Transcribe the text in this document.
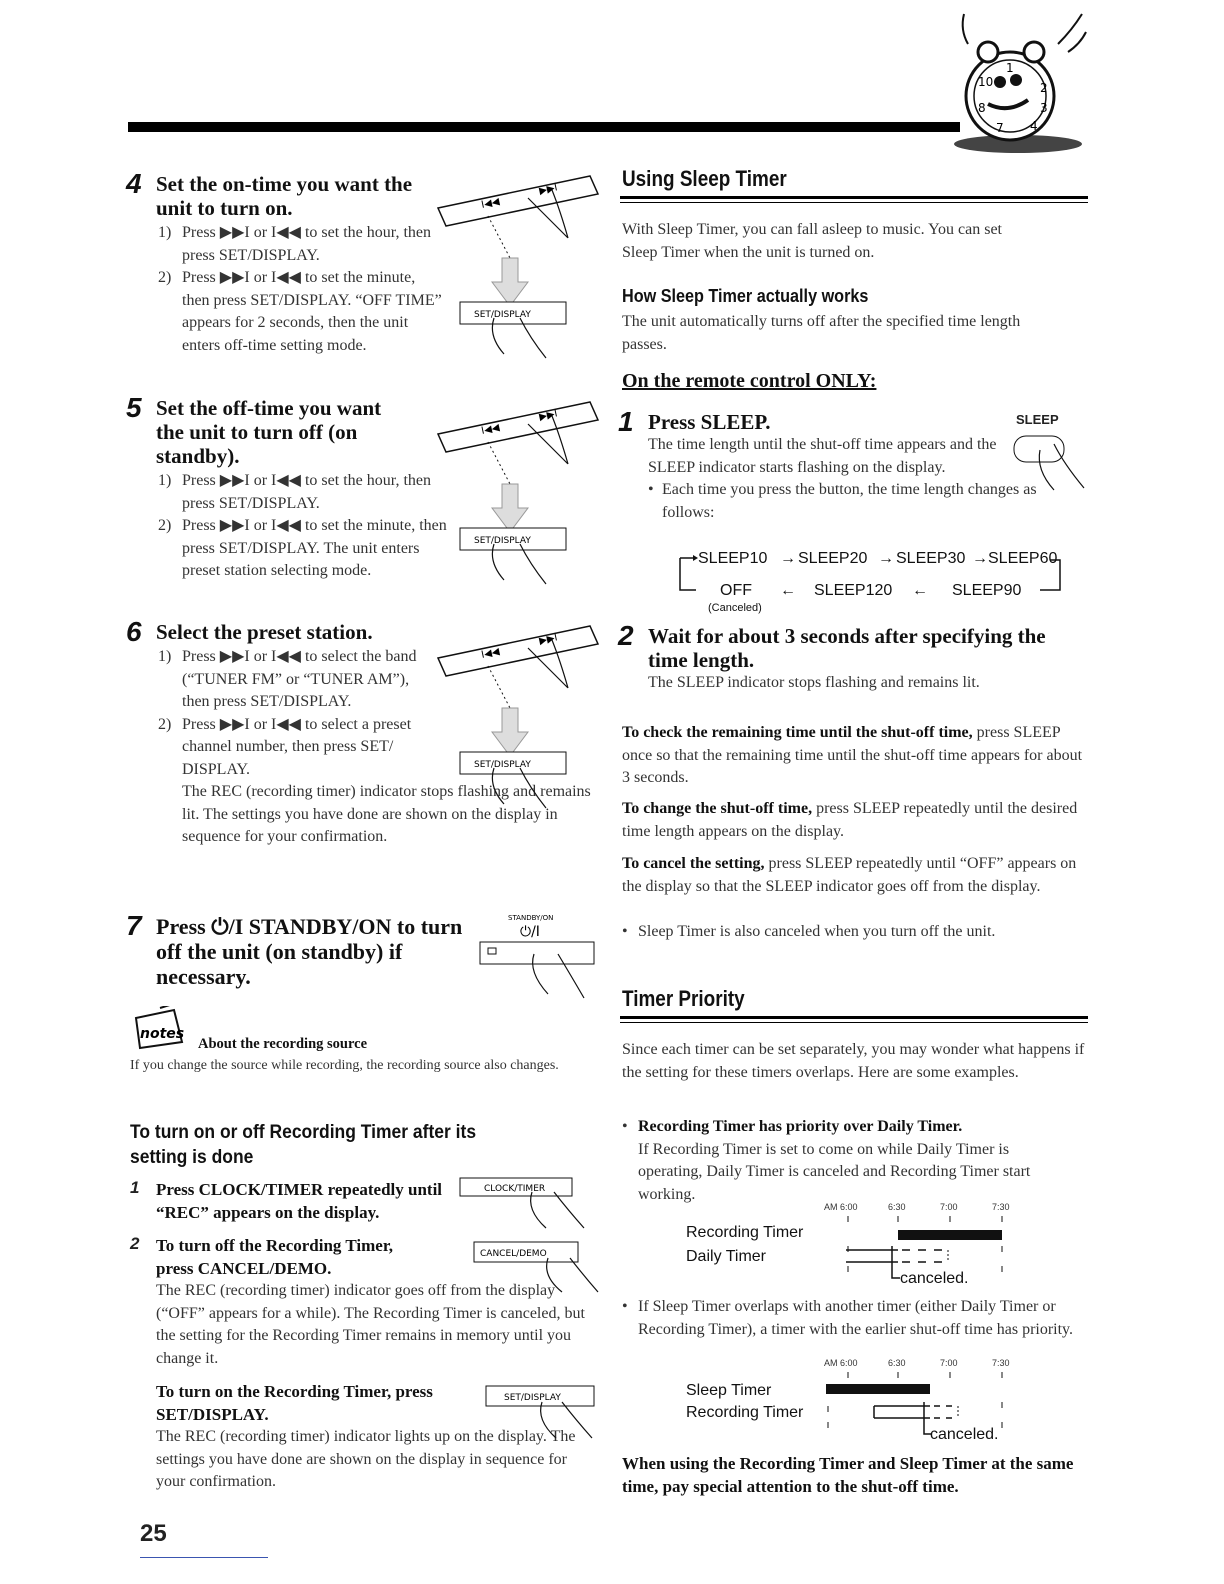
1
2
10
3
4
8
7
4 Set the on-time you want the unit to turn on.
1) Press ▶▶I or I◀◀ to set the hour, then press SET/DISPLAY.
2) Press ▶▶I or I◀◀ to set the minute, then press SET/DISPLAY. “OFF TIME” appears for 2 seconds, then the unit enters off-time setting mode.
5 Set the off-time you want the unit to turn off (on standby).
1) Press ▶▶I or I◀◀ to set the hour, then press SET/DISPLAY.
2) Press ▶▶I or I◀◀ to set the minute, then press SET/DISPLAY. The unit enters preset station selecting mode.
6 Select the preset station.
1) Press ▶▶I or I◀◀ to select the band (“TUNER FM” or “TUNER AM”), then press SET/DISPLAY.
2) Press ▶▶I or I◀◀ to select a preset channel number, then press SET/ DISPLAY.
The REC (recording timer) indicator stops flashing and remains lit. The settings you have done are shown on the display in sequence for your confirmation.
7 Press ⏻/I STANDBY/ON to turn off the unit (on standby) if necessary.
notes
About the recording source
If you change the source while recording, the recording source also changes.
To turn on or off Recording Timer after its setting is done
1 Press CLOCK/TIMER repeatedly until “REC” appears on the display.
2 To turn off the Recording Timer, press CANCEL/DEMO.
The REC (recording timer) indicator goes off from the display (“OFF” appears for a while). The Recording Timer is canceled, but the setting for the Recording Timer remains in memory until you change it.
To turn on the Recording Timer, press SET/DISPLAY.
The REC (recording timer) indicator lights up on the display. The settings you have done are shown on the display in sequence for your confirmation.
I◀◀
▶▶I
SET/DISPLAY
I◀◀
▶▶I
SET/DISPLAY
I◀◀
▶▶I
SET/DISPLAY
STANDBY/ON
⏻/I
CLOCK/TIMER
CANCEL/DEMO
SET/DISPLAY
Using Sleep Timer
With Sleep Timer, you can fall asleep to music. You can set Sleep Timer when the unit is turned on.
How Sleep Timer actually works
The unit automatically turns off after the specified time length passes.
On the remote control ONLY:
1 Press SLEEP.
The time length until the shut-off time appears and the SLEEP indicator starts flashing on the display.
• Each time you press the button, the time length changes as follows:
SLEEP
SLEEP10 → SLEEP20 → SLEEP30 → SLEEP60
OFF ← SLEEP120 ← SLEEP90
(Canceled)
2 Wait for about 3 seconds after specifying the time length.
The SLEEP indicator stops flashing and remains lit.
To check the remaining time until the shut-off time, press SLEEP once so that the remaining time until the shut-off time appears for about 3 seconds.
To change the shut-off time, press SLEEP repeatedly until the desired time length appears on the display.
To cancel the setting, press SLEEP repeatedly until “OFF” appears on the display so that the SLEEP indicator goes off from the display.
• Sleep Timer is also canceled when you turn off the unit.
Timer Priority
Since each timer can be set separately, you may wonder what happens if the setting for these timers overlaps. Here are some examples.
• Recording Timer has priority over Daily Timer.
If Recording Timer is set to come on while Daily Timer is operating, Daily Timer is canceled and Recording Timer start working.
AM 6:00	6:30	7:00	7:30
Recording Timer
Daily Timer
canceled.
• If Sleep Timer overlaps with another timer (either Daily Timer or Recording Timer), a timer with the earlier shut-off time has priority.
AM 6:00	6:30	7:00	7:30
Sleep Timer
Recording Timer
canceled.
When using the Recording Timer and Sleep Timer at the same time, pay special attention to the shut-off time.
25
